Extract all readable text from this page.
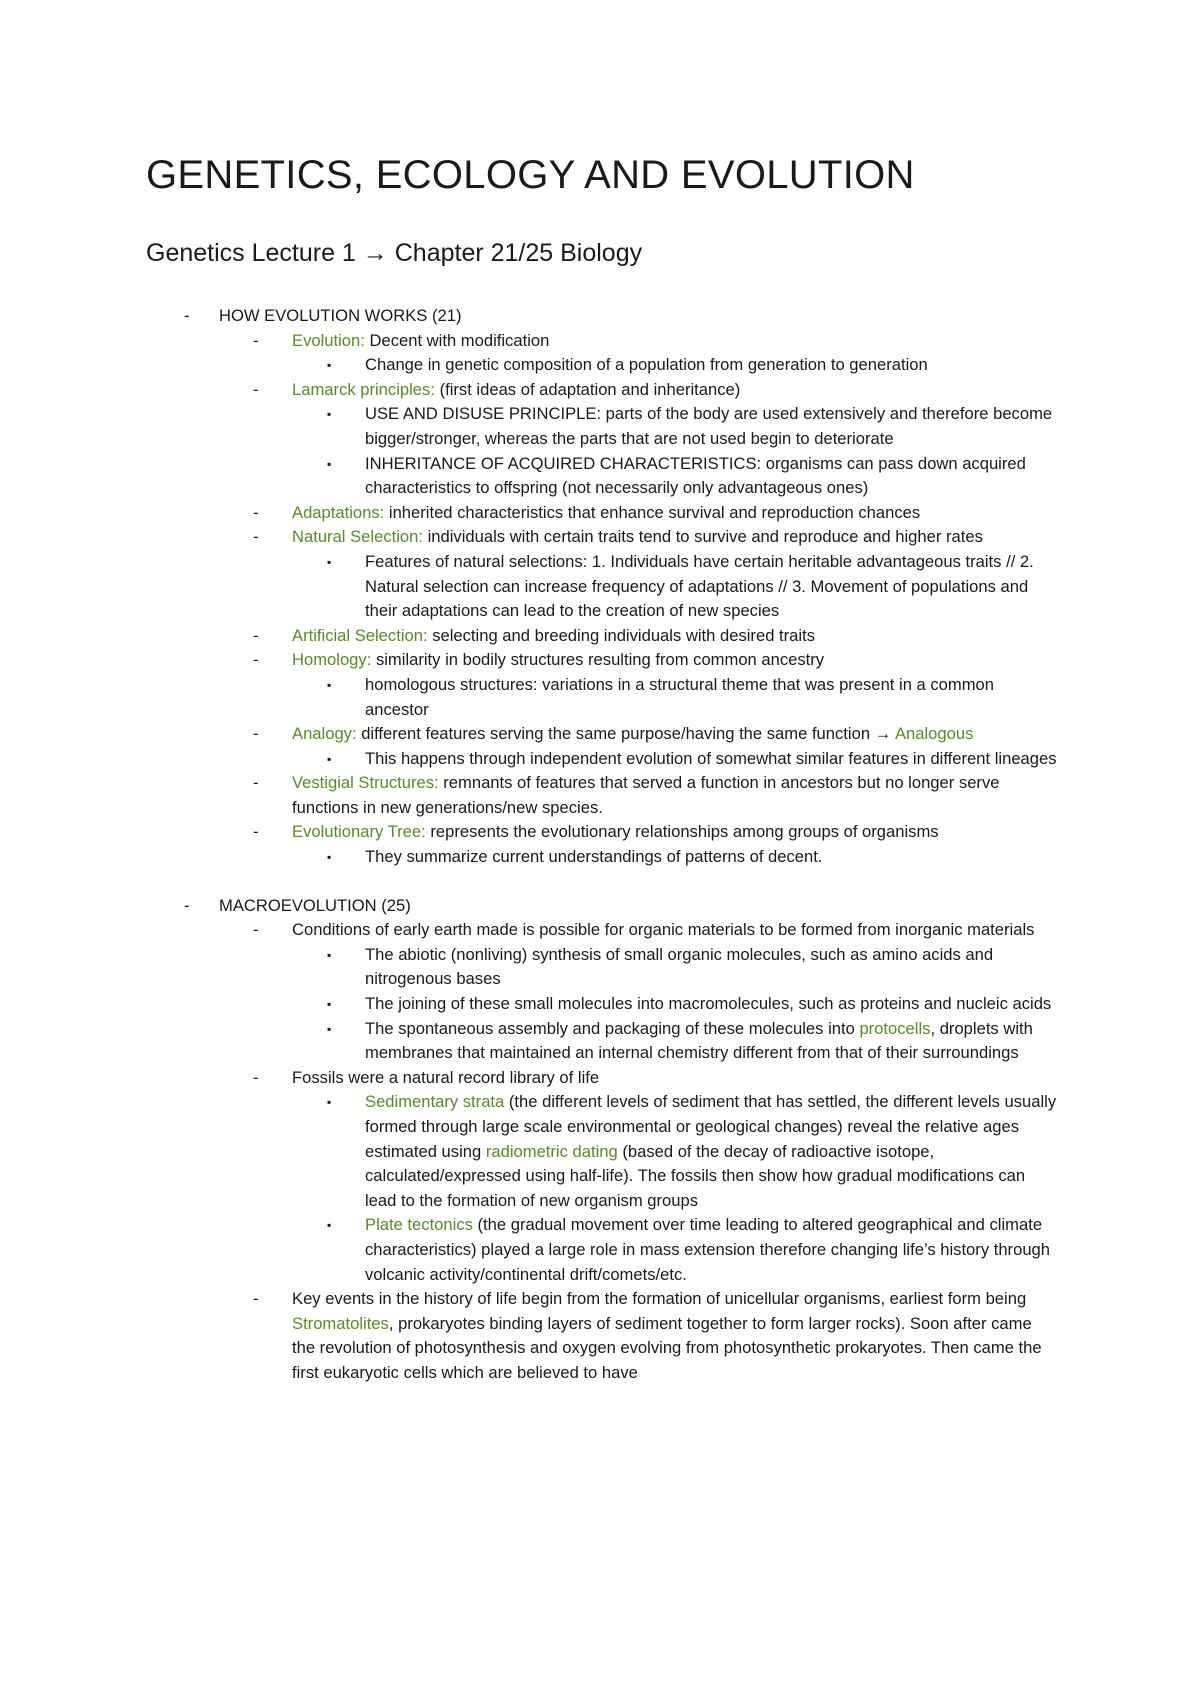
GENETICS, ECOLOGY AND EVOLUTION
Genetics Lecture 1 → Chapter 21/25 Biology
- HOW EVOLUTION WORKS (21)
- Evolution: Decent with modification
▪ Change in genetic composition of a population from generation to generation
- Lamarck principles: (first ideas of adaptation and inheritance)
▪ USE AND DISUSE PRINCIPLE: parts of the body are used extensively and therefore become bigger/stronger, whereas the parts that are not used begin to deteriorate
▪ INHERITANCE OF ACQUIRED CHARACTERISTICS: organisms can pass down acquired characteristics to offspring (not necessarily only advantageous ones)
- Adaptations: inherited characteristics that enhance survival and reproduction chances
- Natural Selection: individuals with certain traits tend to survive and reproduce and higher rates
▪ Features of natural selections: 1. Individuals have certain heritable advantageous traits // 2. Natural selection can increase frequency of adaptations // 3. Movement of populations and their adaptations can lead to the creation of new species
- Artificial Selection: selecting and breeding individuals with desired traits
- Homology: similarity in bodily structures resulting from common ancestry
▪ homologous structures: variations in a structural theme that was present in a common ancestor
- Analogy: different features serving the same purpose/having the same function → Analogous
▪ This happens through independent evolution of somewhat similar features in different lineages
- Vestigial Structures: remnants of features that served a function in ancestors but no longer serve functions in new generations/new species.
- Evolutionary Tree: represents the evolutionary relationships among groups of organisms
▪ They summarize current understandings of patterns of decent.
- MACROEVOLUTION (25)
- Conditions of early earth made is possible for organic materials to be formed from inorganic materials
▪ The abiotic (nonliving) synthesis of small organic molecules, such as amino acids and nitrogenous bases
▪ The joining of these small molecules into macromolecules, such as proteins and nucleic acids
▪ The spontaneous assembly and packaging of these molecules into protocells, droplets with membranes that maintained an internal chemistry different from that of their surroundings
- Fossils were a natural record library of life
▪ Sedimentary strata (the different levels of sediment that has settled, the different levels usually formed through large scale environmental or geological changes) reveal the relative ages estimated using radiometric dating (based of the decay of radioactive isotope, calculated/expressed using half-life). The fossils then show how gradual modifications can lead to the formation of new organism groups
▪ Plate tectonics (the gradual movement over time leading to altered geographical and climate characteristics) played a large role in mass extension therefore changing life’s history through volcanic activity/continental drift/comets/etc.
- Key events in the history of life begin from the formation of unicellular organisms, earliest form being Stromatolites, prokaryotes binding layers of sediment together to form larger rocks). Soon after came the revolution of photosynthesis and oxygen evolving from photosynthetic prokaryotes. Then came the first eukaryotic cells which are believed to have
